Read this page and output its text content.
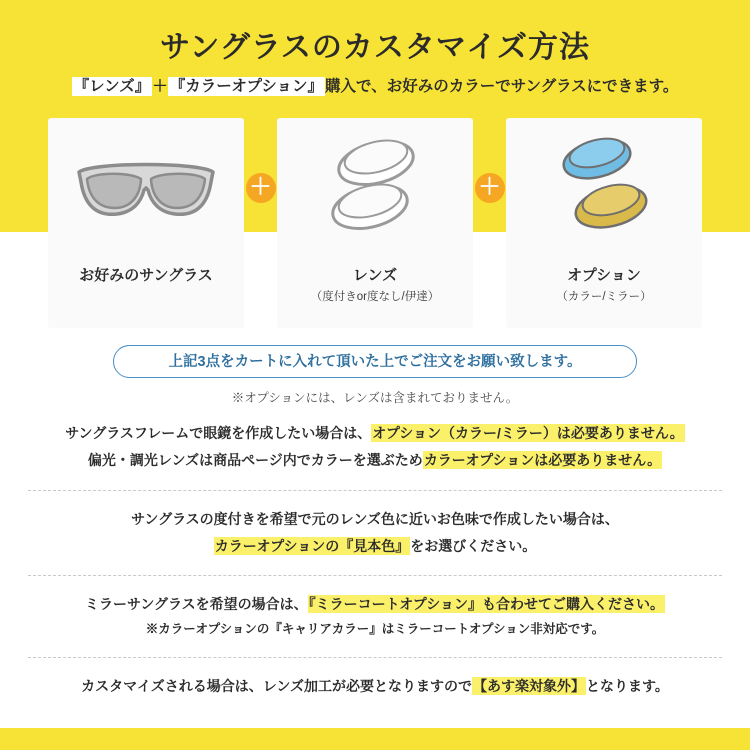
サングラスのカスタマイズ方法
『レンズ』 ＋ 『カラーオプション』 購入で、お好みのカラーでサングラスにできます。
お好みのサングラス
＋
レンズ
（度付きor度なし/伊達）
＋
オプション
（カラー/ミラー）
上記3点をカートに入れて頂いた上でご注文をお願い致します。
※オプションには、レンズは含まれておりません。
サングラスフレームで眼鏡を作成したい場合は、オプション（カラー/ミラー）は必要ありません。
偏光・調光レンズは商品ページ内でカラーを選ぶためカラーオプションは必要ありません。
サングラスの度付きを希望で元のレンズ色に近いお色味で作成したい場合は、
カラーオプションの『見本色』をお選びください。
ミラーサングラスを希望の場合は、『ミラーコートオプション』も合わせてご購入ください。
※カラーオプションの『キャリアカラー』はミラーコートオプション非対応です。
カスタマイズされる場合は、レンズ加工が必要となりますので【あす楽対象外】となります。
